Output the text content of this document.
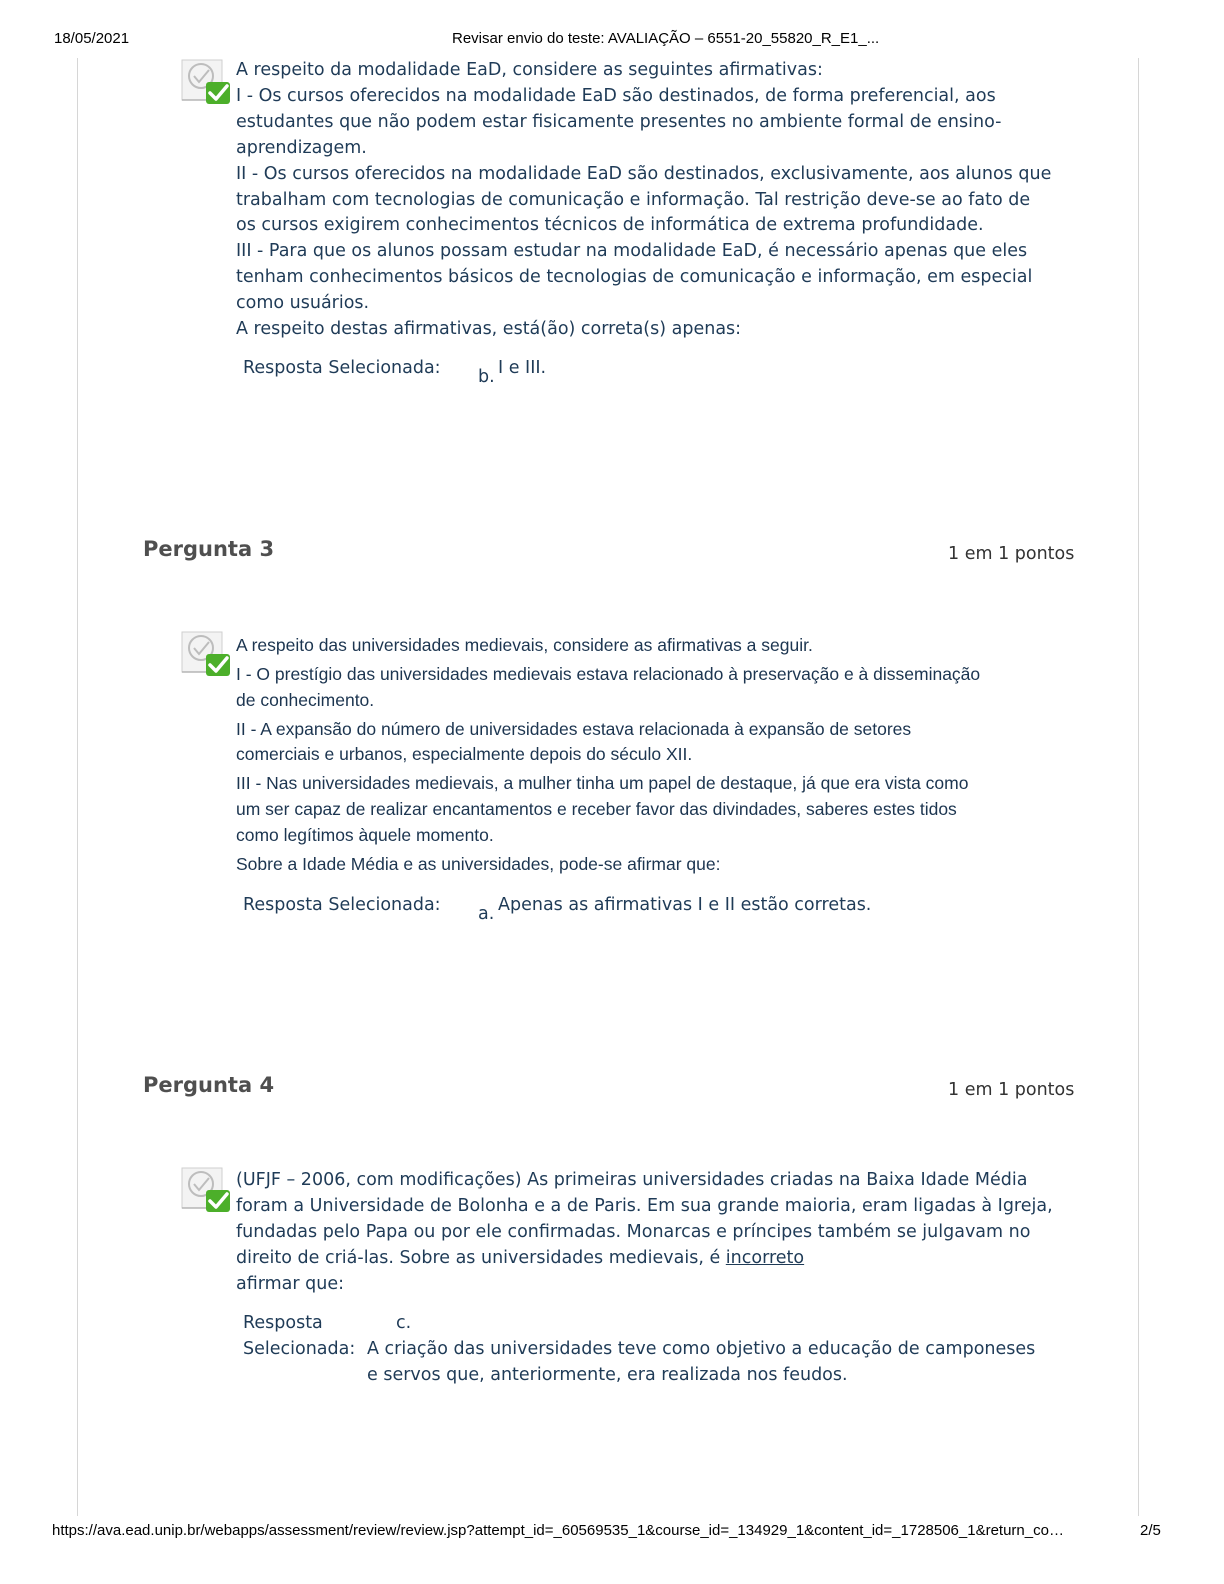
18/05/2021	Revisar envio do teste: AVALIAÇÃO – 6551-20_55820_R_E1_...

A respeito da modalidade EaD, considere as seguintes afirmativas:

I - Os cursos oferecidos na modalidade EaD são destinados, de forma preferencial, aos

estudantes que não podem estar fisicamente presentes no ambiente formal de ensino-

aprendizagem.

II - Os cursos oferecidos na modalidade EaD são destinados, exclusivamente, aos alunos que

trabalham com tecnologias de comunicação e informação. Tal restrição deve-se ao fato de

os cursos exigirem conhecimentos técnicos de informática de extrema profundidade.

III - Para que os alunos possam estudar na modalidade EaD, é necessário apenas que eles

tenham conhecimentos básicos de tecnologias de comunicação e informação, em especial

como usuários.

A respeito destas afirmativas, está(ão) correta(s) apenas:

Resposta Selecionada: b. I e III.
Pergunta 3	1 em 1 pontos

A respeito das universidades medievais, considere as afirmativas a seguir.

I - O prestígio das universidades medievais estava relacionado à preservação e à disseminação

de conhecimento.

II - A expansão do número de universidades estava relacionada à expansão de setores

comerciais e urbanos, especialmente depois do século XII.

III - Nas universidades medievais, a mulher tinha um papel de destaque, já que era vista como

um ser capaz de realizar encantamentos e receber favor das divindades, saberes estes tidos

como legítimos àquele momento.

Sobre a Idade Média e as universidades, pode-se afirmar que:

Resposta Selecionada: a. Apenas as afirmativas I e II estão corretas.
Pergunta 4	1 em 1 pontos

(UFJF – 2006, com modificações) As primeiras universidades criadas na Baixa Idade Média

foram a Universidade de Bolonha e a de Paris. Em sua grande maioria, eram ligadas à Igreja,

fundadas pelo Papa ou por ele confirmadas. Monarcas e príncipes também se julgavam no

direito de criá-las. Sobre as universidades medievais, é incorreto

afirmar que:

Resposta
Selecionada:
c.
A criação das universidades teve como objetivo a educação de camponeses e servos que, anteriormente, era realizada nos feudos.
https://ava.ead.unip.br/webapps/assessment/review/review.jsp?attempt_id=_60569535_1&course_id=_134929_1&content_id=_1728506_1&return_co…	2/5
